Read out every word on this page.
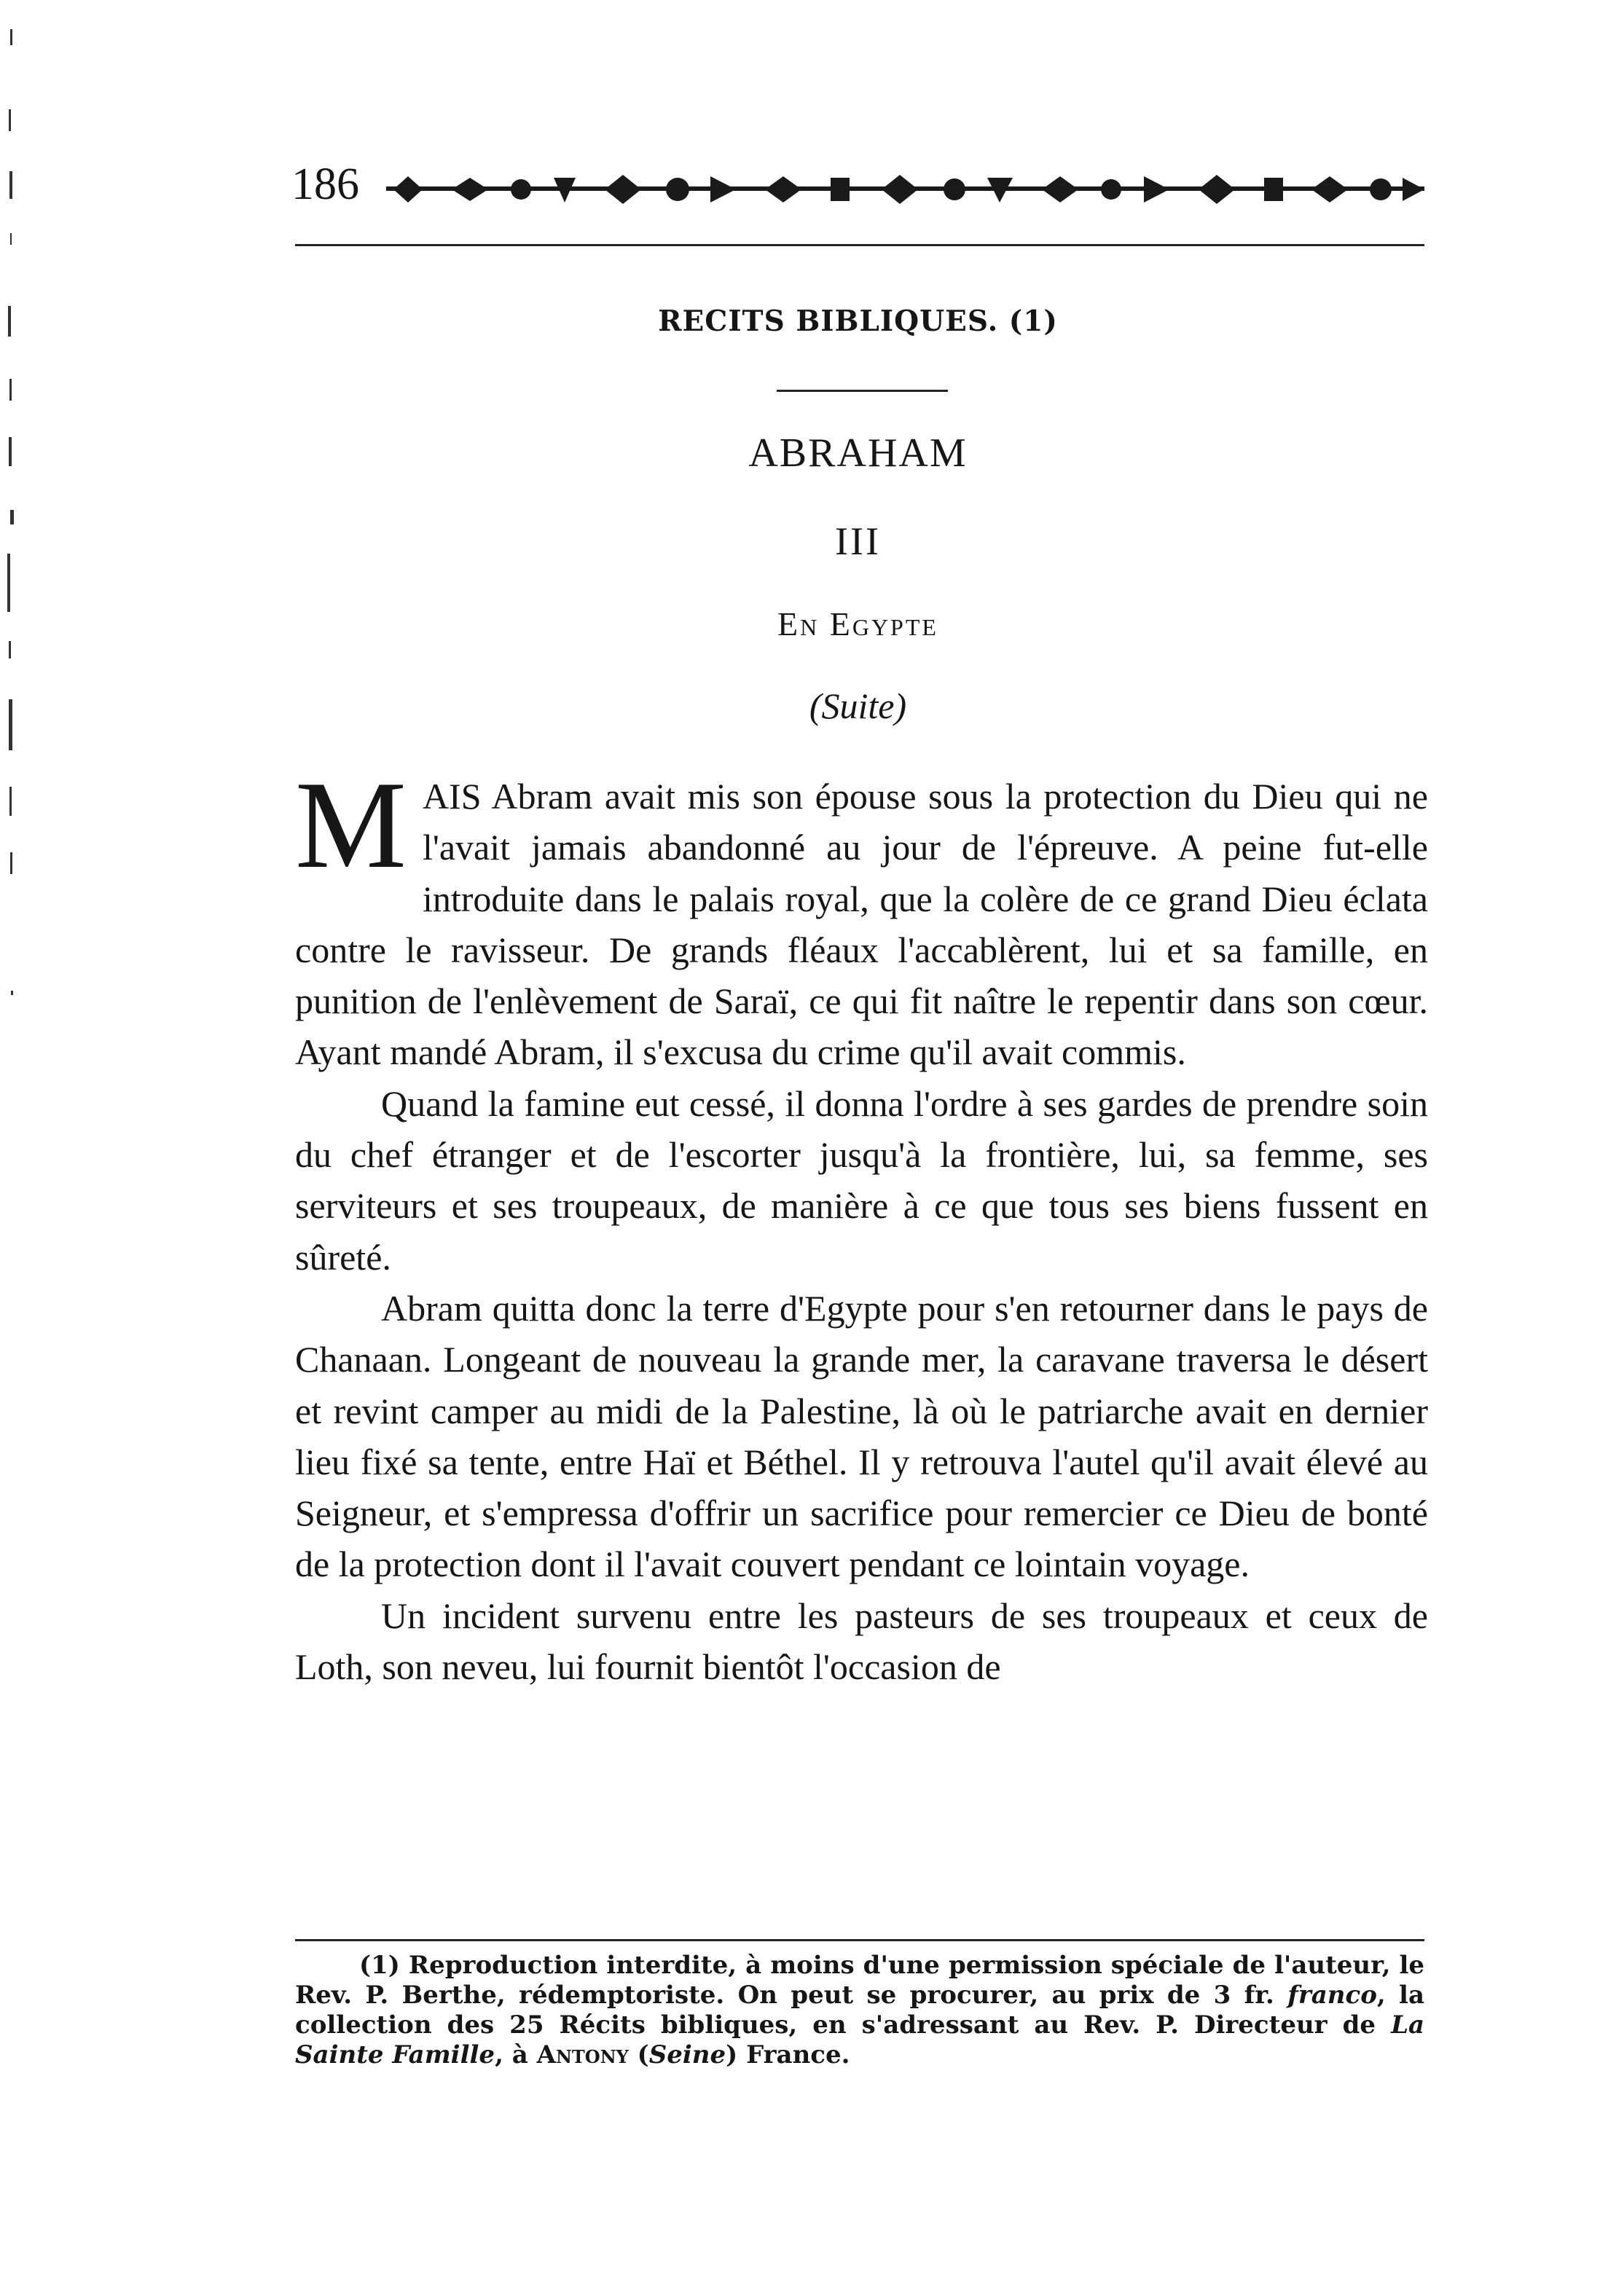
186
RECITS BIBLIQUES. (1)
ABRAHAM
III
En Egypte
(Suite)

MAIS Abram avait mis son épouse sous la protection du Dieu qui ne l'avait jamais abandonné au jour de l'épreuve. A peine fut-elle introduite dans le palais royal, que la colère de ce grand Dieu éclata contre le ravisseur. De grands fléaux l'accablèrent, lui et sa famille, en punition de l'enlèvement de Saraï, ce qui fit naître le repentir dans son cœur. Ayant mandé Abram, il s'excusa du crime qu'il avait commis.

Quand la famine eut cessé, il donna l'ordre à ses gardes de prendre soin du chef étranger et de l'escorter jusqu'à la frontière, lui, sa femme, ses serviteurs et ses troupeaux, de manière à ce que tous ses biens fussent en sûreté.

Abram quitta donc la terre d'Egypte pour s'en retourner dans le pays de Chanaan. Longeant de nouveau la grande mer, la caravane traversa le désert et revint camper au midi de la Palestine, là où le patriarche avait en dernier lieu fixé sa tente, entre Haï et Béthel. Il y retrouva l'autel qu'il avait élevé au Seigneur, et s'empressa d'offrir un sacrifice pour remercier ce Dieu de bonté de la protection dont il l'avait couvert pendant ce lointain voyage.

Un incident survenu entre les pasteurs de ses troupeaux et ceux de Loth, son neveu, lui fournit bientôt l'occasion de

(1) Reproduction interdite, à moins d'une permission spéciale de l'auteur, le Rev. P. Berthe, rédemptoriste. On peut se procurer, au prix de 3 fr. franco, la collection des 25 Récits bibliques, en s'adressant au Rev. P. Directeur de La Sainte Famille, à Antony (Seine) France.
